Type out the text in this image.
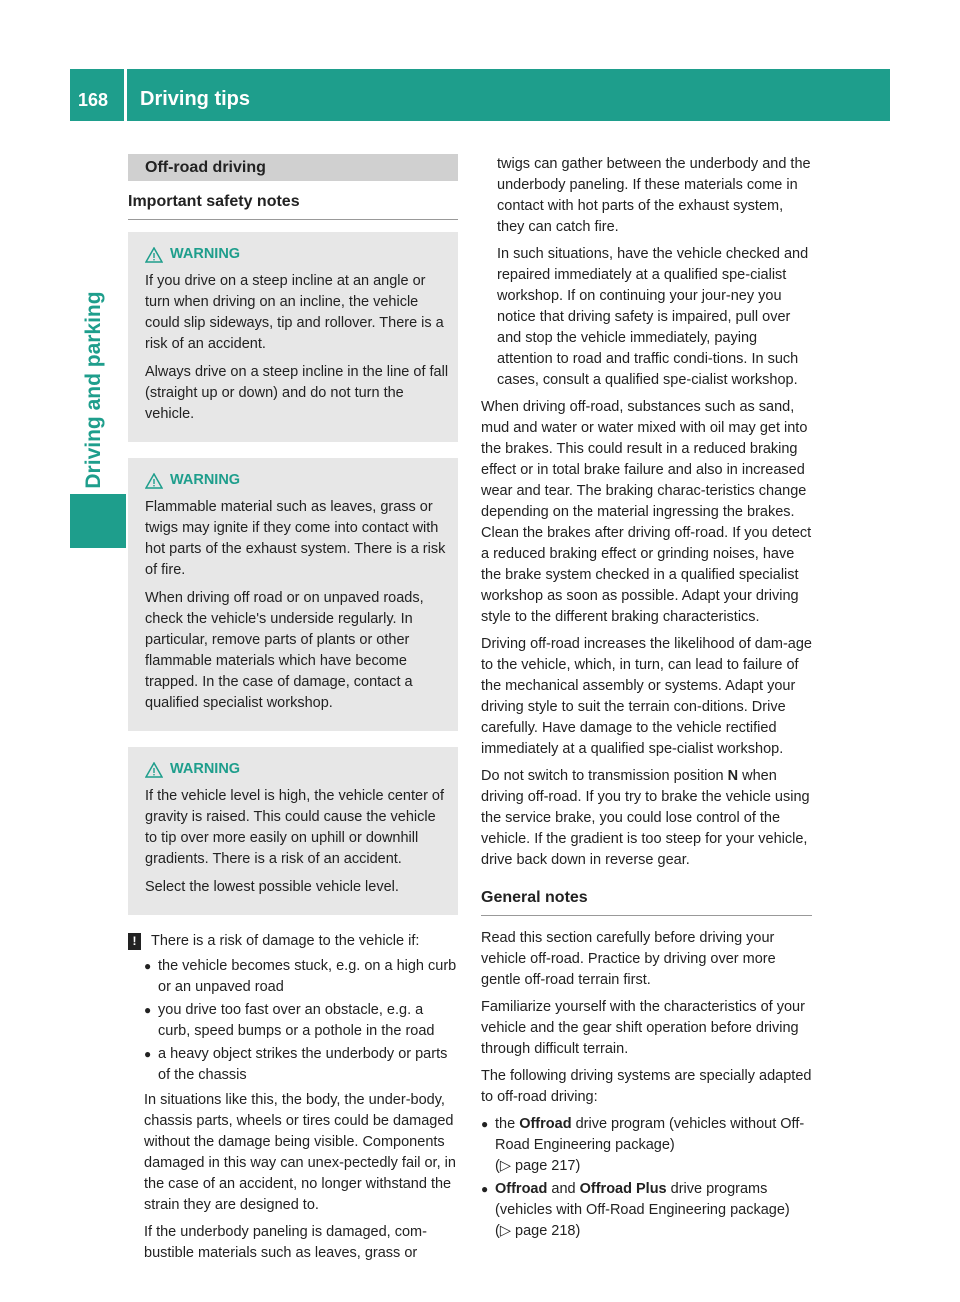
168 Driving tips
Driving and parking
Off-road driving
Important safety notes
WARNING

If you drive on a steep incline at an angle or turn when driving on an incline, the vehicle could slip sideways, tip and rollover. There is a risk of an accident.

Always drive on a steep incline in the line of fall (straight up or down) and do not turn the vehicle.

WARNING

Flammable material such as leaves, grass or twigs may ignite if they come into contact with hot parts of the exhaust system. There is a risk of fire.

When driving off road or on unpaved roads, check the vehicle's underside regularly. In particular, remove parts of plants or other flammable materials which have become trapped. In the case of damage, contact a qualified specialist workshop.

WARNING

If the vehicle level is high, the vehicle center of gravity is raised. This could cause the vehicle to tip over more easily on uphill or downhill gradients. There is a risk of an accident.

Select the lowest possible vehicle level.

!	There is a risk of damage to the vehicle if:
● the vehicle becomes stuck, e.g. on a high curb or an unpaved road
● you drive too fast over an obstacle, e.g. a curb, speed bumps or a pothole in the road
● a heavy object strikes the underbody or parts of the chassis

In situations like this, the body, the under-body, chassis parts, wheels or tires could be damaged without the damage being visible. Components damaged in this way can unex-pectedly fail or, in the case of an accident, no longer withstand the strain they are designed to.

If the underbody paneling is damaged, com-bustible materials such as leaves, grass or

twigs can gather between the underbody and the underbody paneling. If these materials come in contact with hot parts of the exhaust system, they can catch fire.

In such situations, have the vehicle checked and repaired immediately at a qualified spe-cialist workshop. If on continuing your jour-ney you notice that driving safety is impaired, pull over and stop the vehicle immediately, paying attention to road and traffic condi-tions. In such cases, consult a qualified spe-cialist workshop.

When driving off-road, substances such as sand, mud and water or water mixed with oil may get into the brakes. This could result in a reduced braking effect or in total brake failure and also in increased wear and tear. The braking charac-teristics change depending on the material ingressing the brakes. Clean the brakes after driving off-road. If you detect a reduced braking effect or grinding noises, have the brake system checked in a qualified specialist workshop as soon as possible. Adapt your driving style to the different braking characteristics.

Driving off-road increases the likelihood of dam-age to the vehicle, which, in turn, can lead to failure of the mechanical assembly or systems. Adapt your driving style to suit the terrain con-ditions. Drive carefully. Have damage to the vehicle rectified immediately at a qualified spe-cialist workshop.

Do not switch to transmission position N when driving off-road. If you try to brake the vehicle using the service brake, you could lose control of the vehicle. If the gradient is too steep for your vehicle, drive back down in reverse gear.

General notes

Read this section carefully before driving your vehicle off-road. Practice by driving over more gentle off-road terrain first.

Familiarize yourself with the characteristics of your vehicle and the gear shift operation before driving through difficult terrain.

The following driving systems are specially adapted to off-road driving:

● the Offroad drive program (vehicles without Off-Road Engineering package)
(▷ page 217)
● Offroad and Offroad Plus drive programs (vehicles with Off-Road Engineering package)
(▷ page 218)
